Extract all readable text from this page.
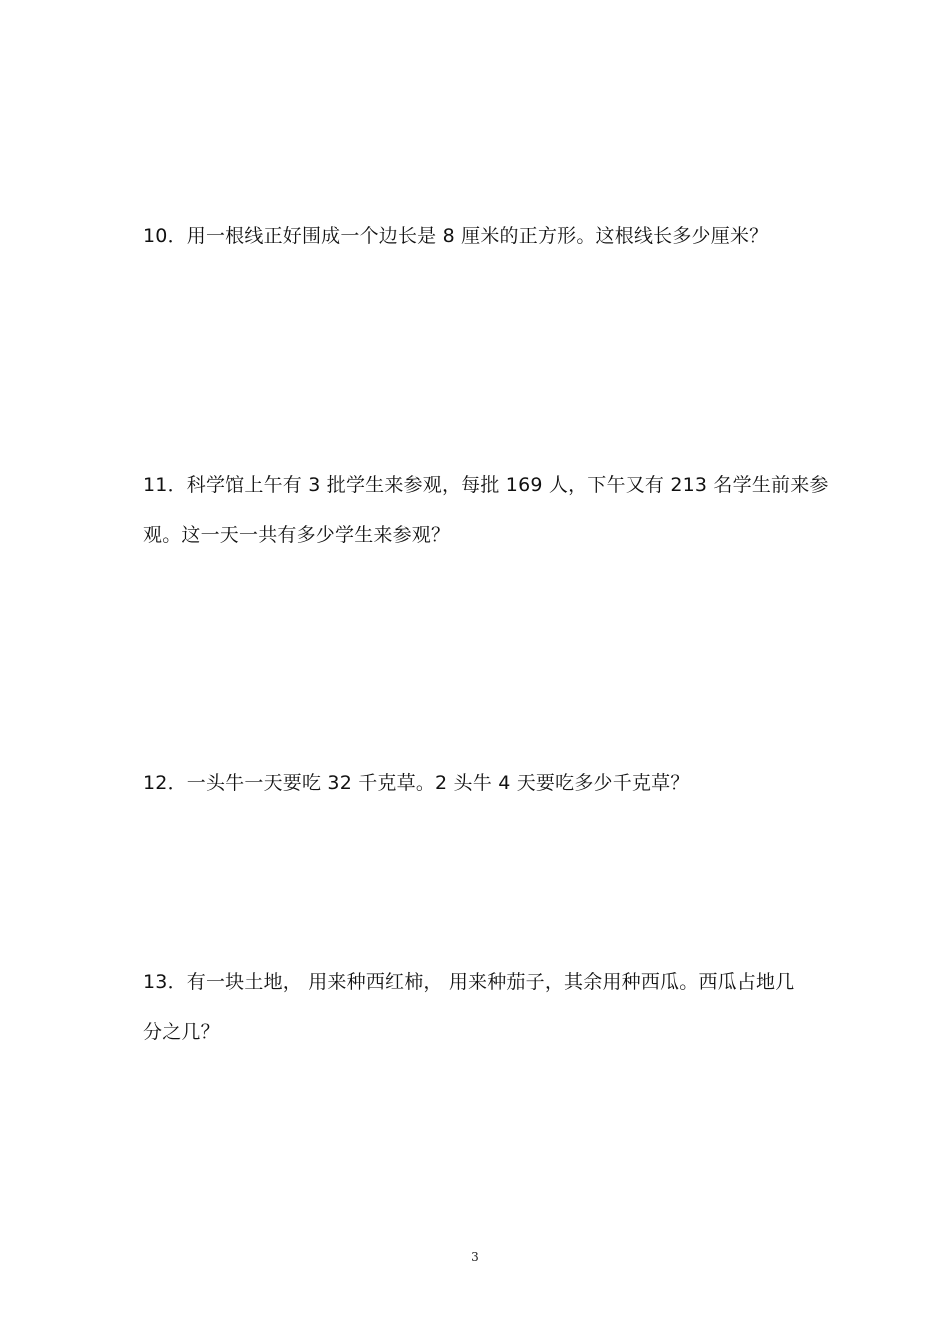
10．用一根线正好围成一个边长是 8 厘米的正方形。这根线长多少厘米？
11．科学馆上午有 3 批学生来参观，每批 169 人，下午又有 213 名学生前来参
观。这一天一共有多少学生来参观？
12．一头牛一天要吃 32 千克草。2 头牛 4 天要吃多少千克草？
13．有一块土地， 用来种西红柿， 用来种茄子，其余用种西瓜。西瓜占地几
分之几？
3
